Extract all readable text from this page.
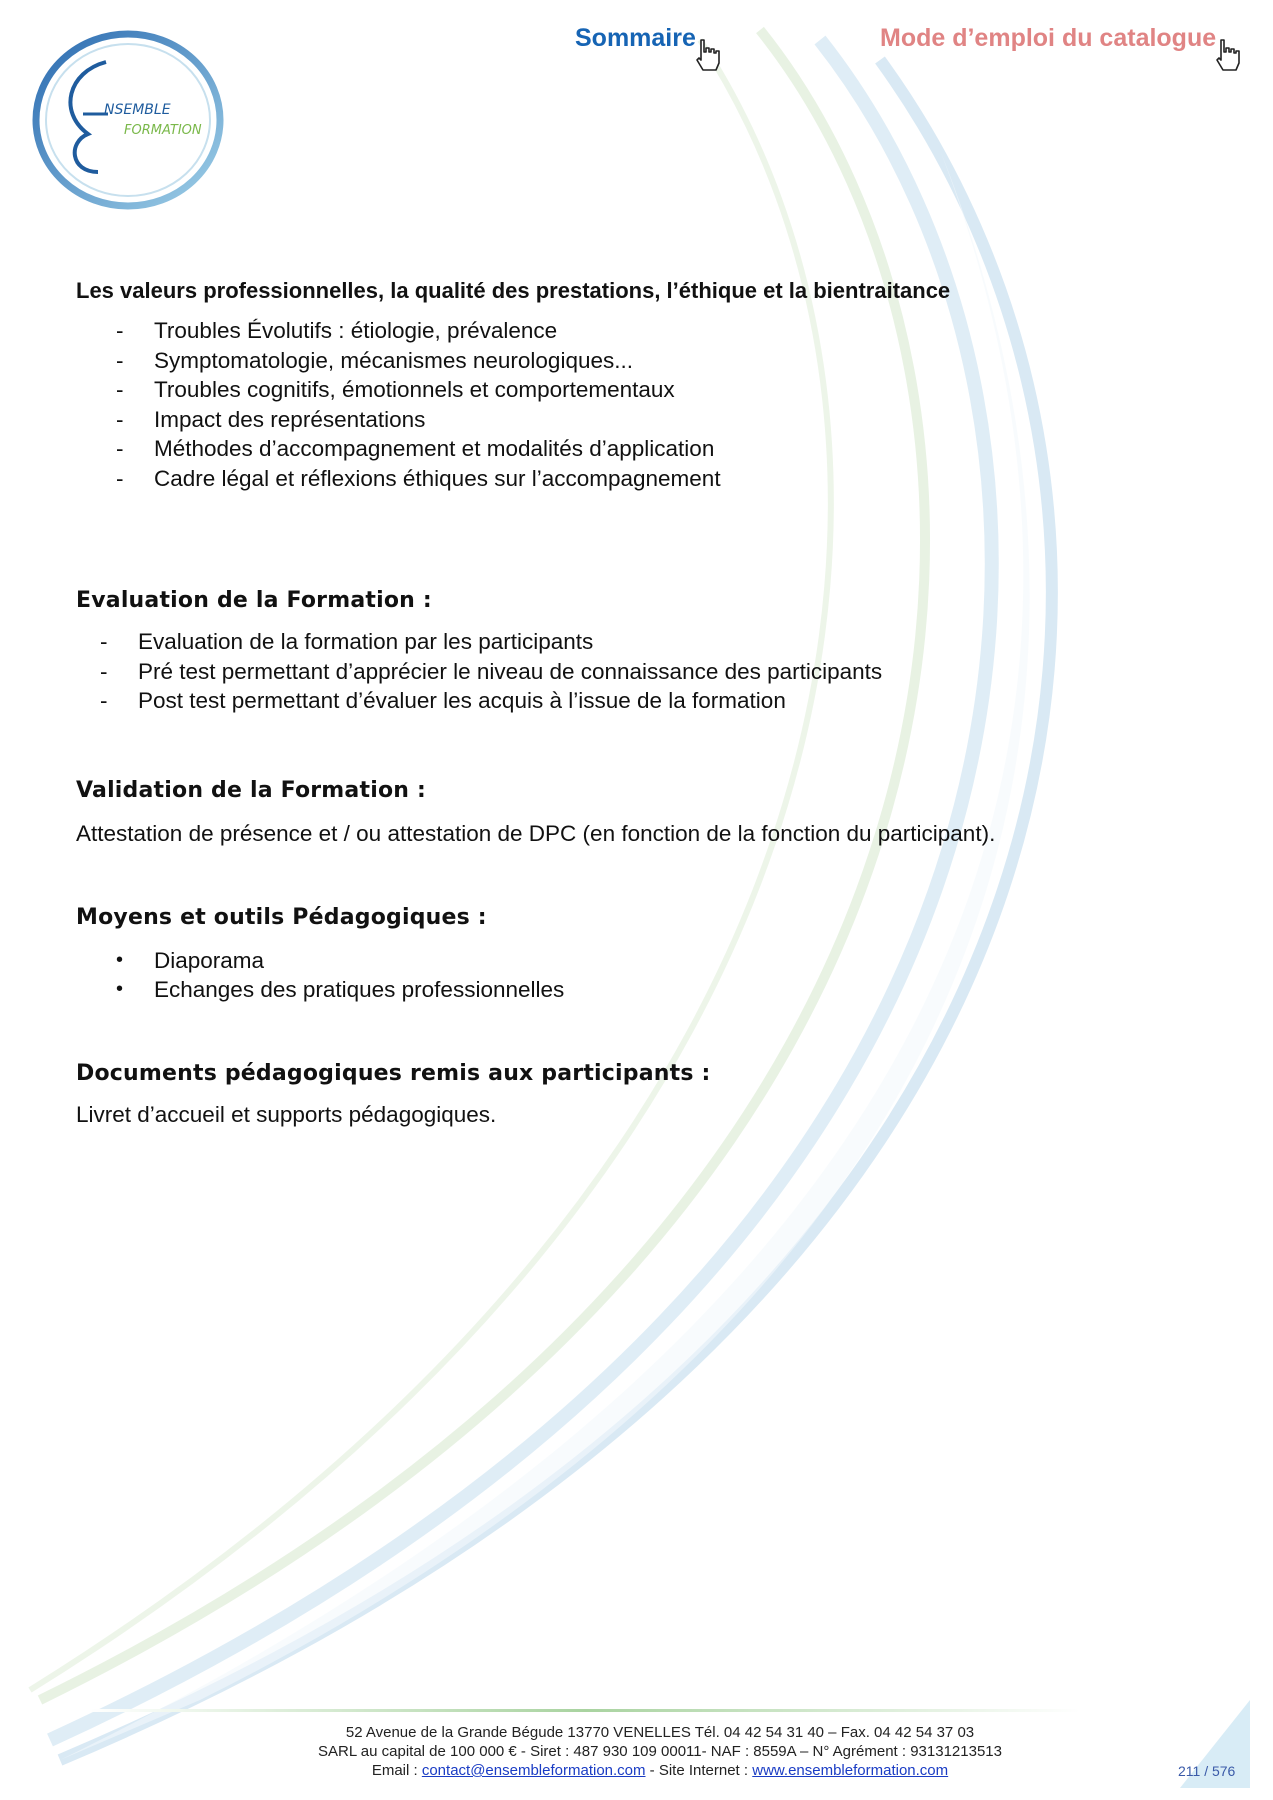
NSEMBLE
FORMATION
Sommaire	Mode d’emploi du catalogue

Les valeurs professionnelles, la qualité des prestations, l’éthique et la bientraitance

- Troubles Évolutifs : étiologie, prévalence
- Symptomatologie, mécanismes neurologiques...
- Troubles cognitifs, émotionnels et comportementaux
- Impact des représentations
- Méthodes d’accompagnement et modalités d’application
- Cadre légal et réflexions éthiques sur l’accompagnement

Evaluation de la Formation :

- Evaluation de la formation par les participants
- Pré test permettant d’apprécier le niveau de connaissance des participants
- Post test permettant d’évaluer les acquis à l’issue de la formation

Validation de la Formation :

Attestation de présence et / ou attestation de DPC (en fonction de la fonction du participant).

Moyens et outils Pédagogiques :

• Diaporama
• Echanges des pratiques professionnelles

Documents pédagogiques remis aux participants :

Livret d’accueil et supports pédagogiques.

52 Avenue de la Grande Bégude 13770 VENELLES Tél. 04 42 54 31 40 – Fax. 04 42 54 37 03
SARL au capital de 100 000 € - Siret : 487 930 109 00011- NAF : 8559A – N° Agrément : 93131213513
Email : contact@ensembleformation.com - Site Internet : www.ensembleformation.com	211 / 576
